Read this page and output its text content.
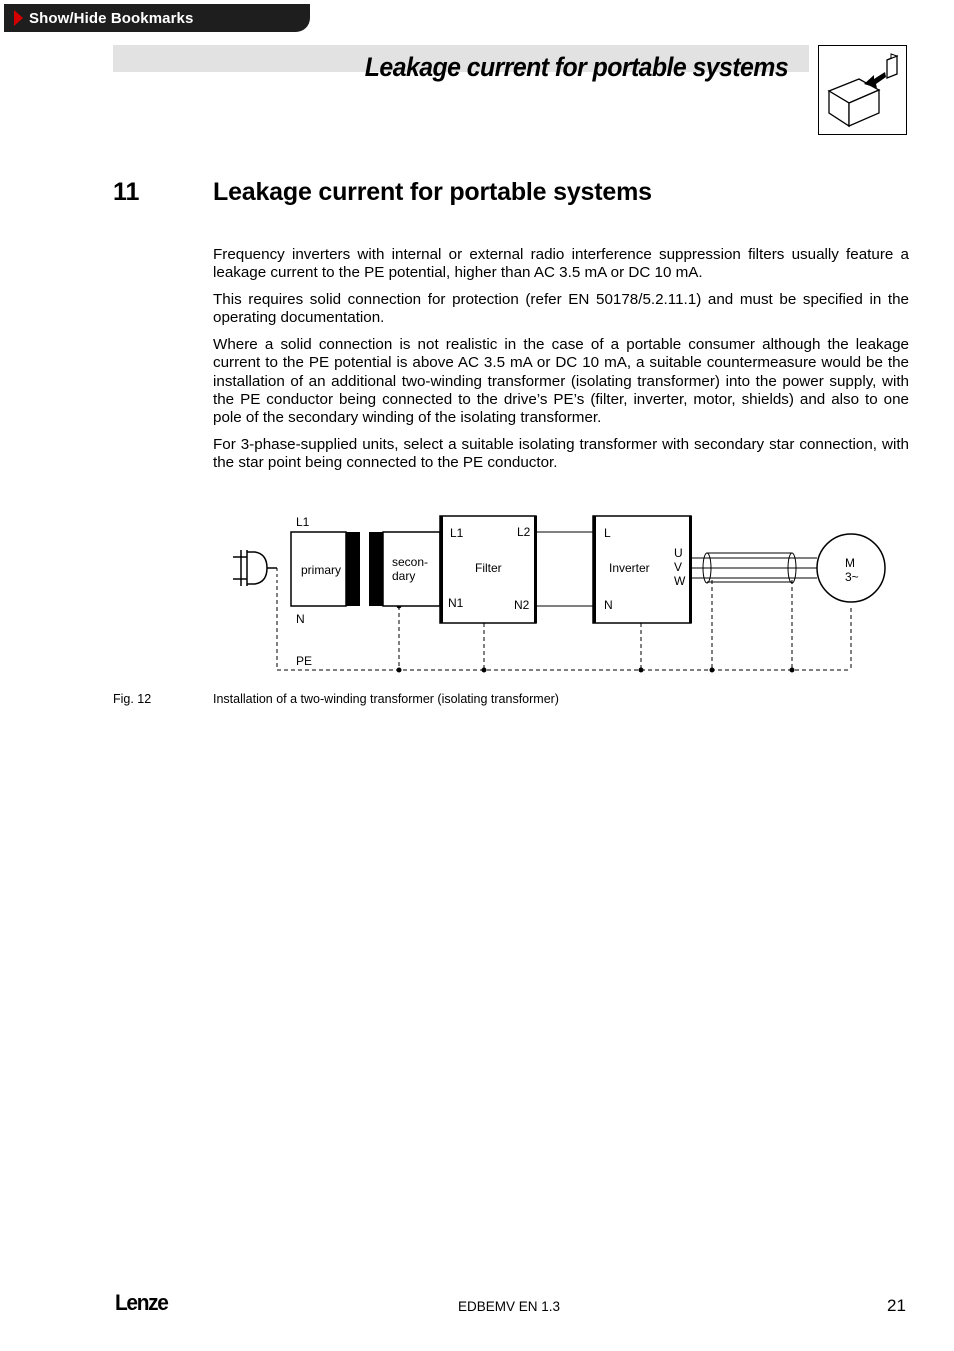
Show/Hide Bookmarks
Leakage current for portable systems
11	Leakage current for portable systems

Frequency inverters with internal or external radio interference suppression filters usually feature a leakage current to the PE potential, higher than AC 3.5 mA or DC 10 mA.

This requires solid connection for protection (refer EN 50178/5.2.11.1) and must be specified in the operating documentation.

Where a solid connection is not realistic in the case of a portable consumer although the leakage current to the PE potential is above AC 3.5 mA or DC 10 mA, a suitable countermeasure would be the installation of an additional two-winding transformer (isolating transformer) into the power supply, with the PE conductor being connected to the drive’s PE’s (filter, inverter, motor, shields) and also to one pole of the secondary winding of the isolating transformer.

For 3-phase-supplied units, select a suitable isolating transformer with secondary star connection, with the star point being connected to the PE conductor.

L1
N
PE
primary
secon-
dary
Filter
L1	L2
N1	N2
Inverter
L
N
U
V
W
M
3~
Fig. 12	Installation of a two-winding transformer (isolating transformer)
Lenze	EDBEMV EN 1.3	21
